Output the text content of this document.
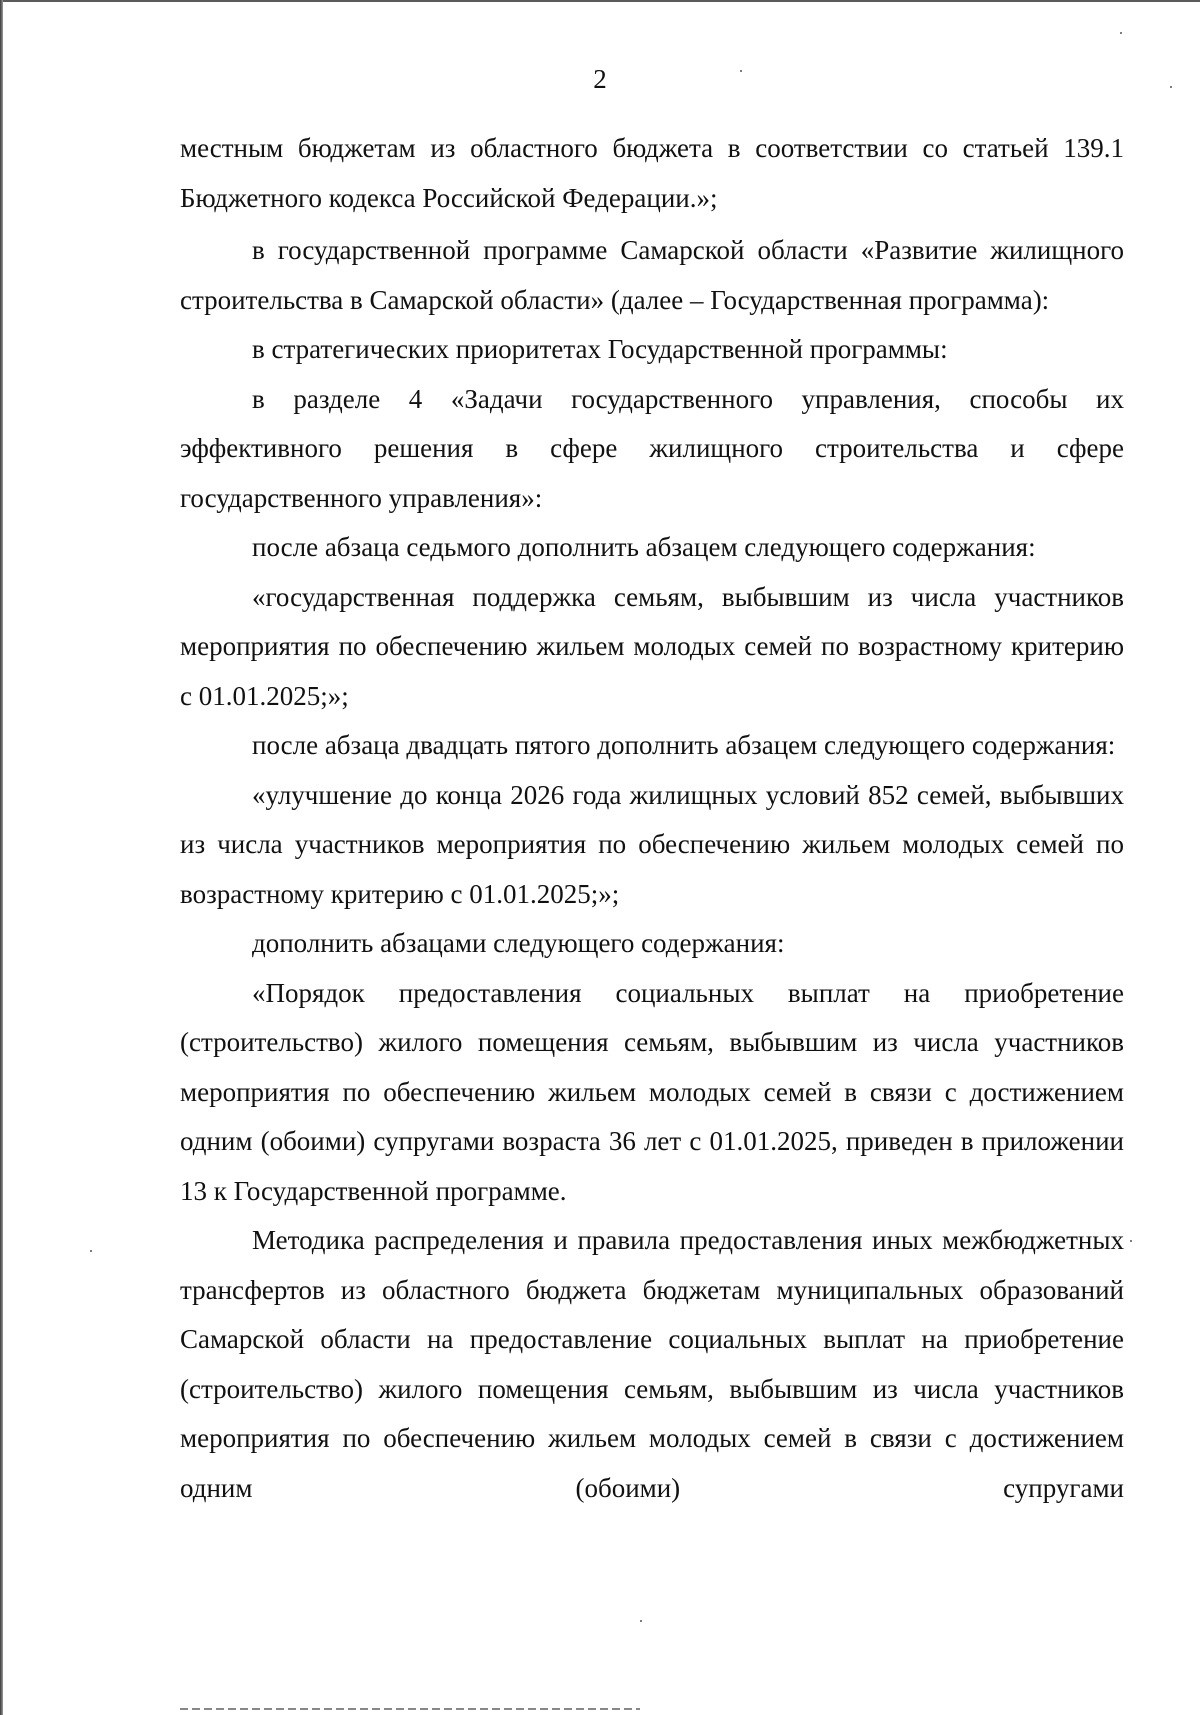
2

местным бюджетам из областного бюджета в соответствии со статьей 139.1 Бюджетного кодекса Российской Федерации.»;

в государственной программе Самарской области «Развитие жилищного строительства в Самарской области» (далее – Государственная программа):

в стратегических приоритетах Государственной программы:

в разделе 4 «Задачи государственного управления, способы их эффективного решения в сфере жилищного строительства и сфере государственного управления»:

после абзаца седьмого дополнить абзацем следующего содержания:

«государственная поддержка семьям, выбывшим из числа участников мероприятия по обеспечению жильем молодых семей по возрастному критерию с 01.01.2025;»;

после абзаца двадцать пятого дополнить абзацем следующего содержания:

«улучшение до конца 2026 года жилищных условий 852 семей, выбывших из числа участников мероприятия по обеспечению жильем молодых семей по возрастному критерию с 01.01.2025;»;

дополнить абзацами следующего содержания:

«Порядок предоставления социальных выплат на приобретение (строительство) жилого помещения семьям, выбывшим из числа участников мероприятия по обеспечению жильем молодых семей в связи с достижением одним (обоими) супругами возраста 36 лет с 01.01.2025, приведен в приложении 13 к Государственной программе.

Методика распределения и правила предоставления иных межбюджетных трансфертов из областного бюджета бюджетам муниципальных образований Самарской области на предоставление социальных выплат на приобретение (строительство) жилого помещения семьям, выбывшим из числа участников мероприятия по обеспечению жильем молодых семей в связи с достижением одним (обоими) супругами
